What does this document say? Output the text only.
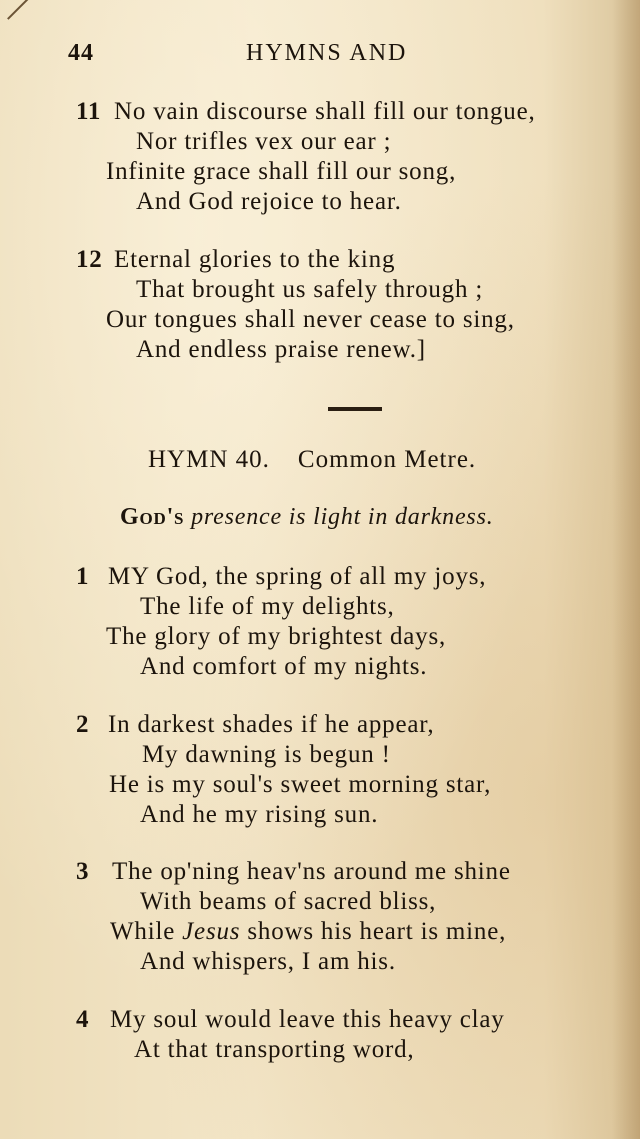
44	HYMNS AND
11 No vain discourse shall fill our tongue,
Nor trifles vex our ear ;
Infinite grace shall fill our song,
And God rejoice to hear.
12 Eternal glories to the king
That brought us safely through ;
Our tongues shall never cease to sing,
And endless praise renew.]
HYMN 40. Common Metre.
God's presence is light in darkness.
1 MY God, the spring of all my joys,
The life of my delights,
The glory of my brightest days,
And comfort of my nights.
2 In darkest shades if he appear,
My dawning is begun !
He is my soul's sweet morning star,
And he my rising sun.
3 The op'ning heav'ns around me shine
With beams of sacred bliss,
While Jesus shows his heart is mine,
And whispers, I am his.
4 My soul would leave this heavy clay
At that transporting word,
